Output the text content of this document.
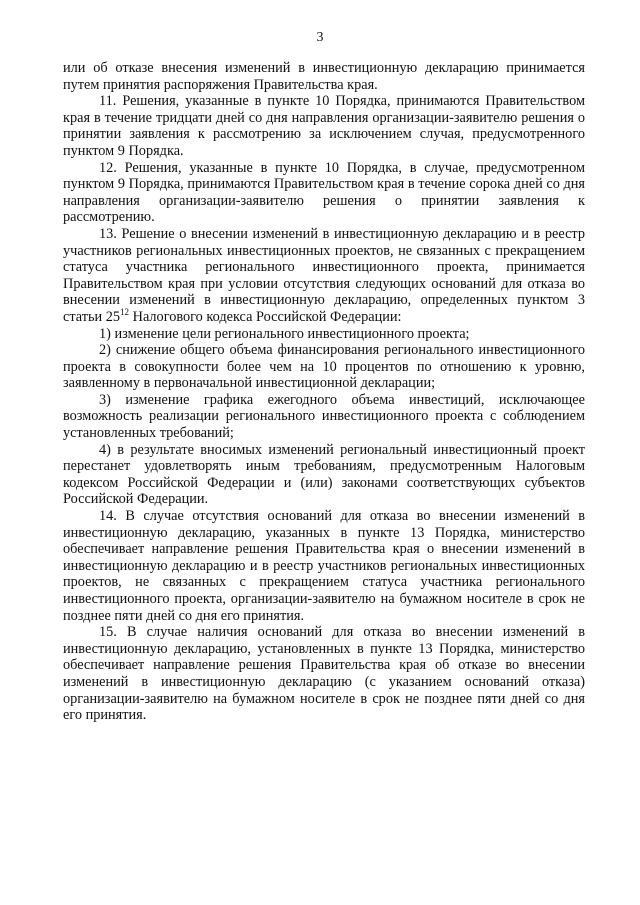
3

или об отказе внесения изменений в инвестиционную декларацию принимается путем принятия распоряжения Правительства края.

11. Решения, указанные в пункте 10 Порядка, принимаются Правительством края в течение тридцати дней со дня направления организации-заявителю решения о принятии заявления к рассмотрению за исключением случая, предусмотренного пунктом 9 Порядка.

12. Решения, указанные в пункте 10 Порядка, в случае, предусмотренном пунктом 9 Порядка, принимаются Правительством края в течение сорока дней со дня направления организации-заявителю решения о принятии заявления к рассмотрению.

13. Решение о внесении изменений в инвестиционную декларацию и в реестр участников региональных инвестиционных проектов, не связанных с прекращением статуса участника регионального инвестиционного проекта, принимается Правительством края при условии отсутствия следующих оснований для отказа во внесении изменений в инвестиционную декларацию, определенных пунктом 3 статьи $25^{12}$ Налогового кодекса Российской Федерации:

1) изменение цели регионального инвестиционного проекта;

2) снижение общего объема финансирования регионального инвестиционного проекта в совокупности более чем на 10 процентов по отношению к уровню, заявленному в первоначальной инвестиционной декларации;

3) изменение графика ежегодного объема инвестиций, исключающее возможность реализации регионального инвестиционного проекта с соблюдением установленных требований;

4) в результате вносимых изменений региональный инвестиционный проект перестанет удовлетворять иным требованиям, предусмотренным Налоговым кодексом Российской Федерации и (или) законами соответствующих субъектов Российской Федерации.

14. В случае отсутствия оснований для отказа во внесении изменений в инвестиционную декларацию, указанных в пункте 13 Порядка, министерство обеспечивает направление решения Правительства края о внесении изменений в инвестиционную декларацию и в реестр участников региональных инвестиционных проектов, не связанных с прекращением статуса участника регионального инвестиционного проекта, организации-заявителю на бумажном носителе в срок не позднее пяти дней со дня его принятия.

15. В случае наличия оснований для отказа во внесении изменений в инвестиционную декларацию, установленных в пункте 13 Порядка, министерство обеспечивает направление решения Правительства края об отказе во внесении изменений в инвестиционную декларацию (с указанием оснований отказа) организации-заявителю на бумажном носителе в срок не позднее пяти дней со дня его принятия.
